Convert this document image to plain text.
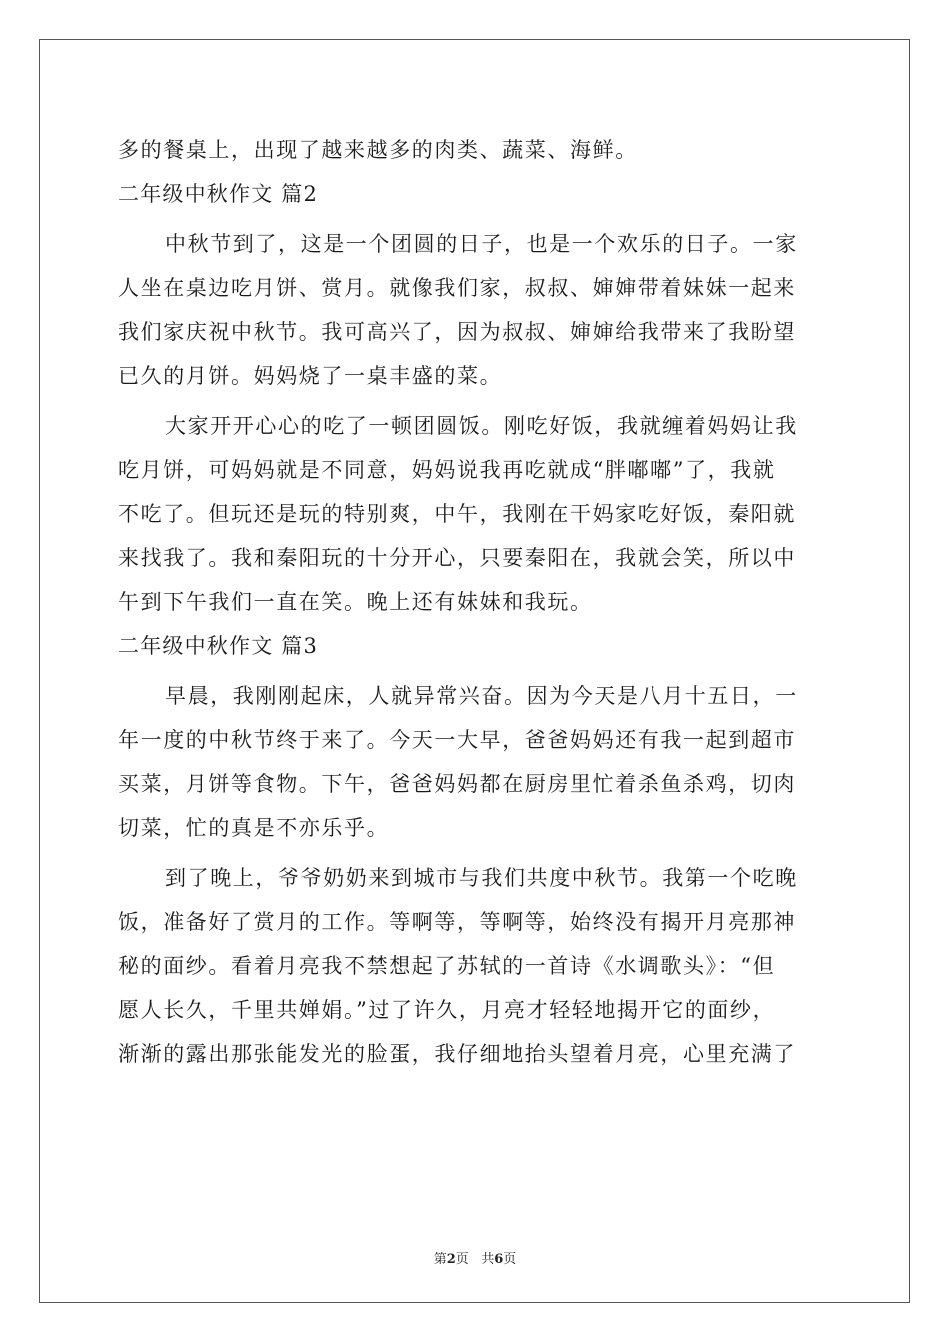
多的餐桌上，出现了越来越多的肉类、蔬菜、海鲜。
二年级中秋作文 篇2
中秋节到了，这是一个团圆的日子，也是一个欢乐的日子。一家
人坐在桌边吃月饼、赏月。就像我们家，叔叔、婶婶带着妹妹一起来
我们家庆祝中秋节。我可高兴了，因为叔叔、婶婶给我带来了我盼望
已久的月饼。妈妈烧了一桌丰盛的菜。
大家开开心心的吃了一顿团圆饭。刚吃好饭，我就缠着妈妈让我
吃月饼，可妈妈就是不同意，妈妈说我再吃就成“胖嘟嘟”了，我就
不吃了。但玩还是玩的特别爽，中午，我刚在干妈家吃好饭，秦阳就
来找我了。我和秦阳玩的十分开心，只要秦阳在，我就会笑，所以中
午到下午我们一直在笑。晚上还有妹妹和我玩。
二年级中秋作文 篇3
早晨，我刚刚起床，人就异常兴奋。因为今天是八月十五日，一
年一度的中秋节终于来了。今天一大早，爸爸妈妈还有我一起到超市
买菜，月饼等食物。下午，爸爸妈妈都在厨房里忙着杀鱼杀鸡，切肉
切菜，忙的真是不亦乐乎。
到了晚上，爷爷奶奶来到城市与我们共度中秋节。我第一个吃晚
饭，准备好了赏月的工作。等啊等，等啊等，始终没有揭开月亮那神
秘的面纱。看着月亮我不禁想起了苏轼的一首诗《水调歌头》：“但
愿人长久，千里共婵娟。”过了许久，月亮才轻轻地揭开它的面纱，
渐渐的露出那张能发光的脸蛋，我仔细地抬头望着月亮，心里充满了
第2页 共6页
